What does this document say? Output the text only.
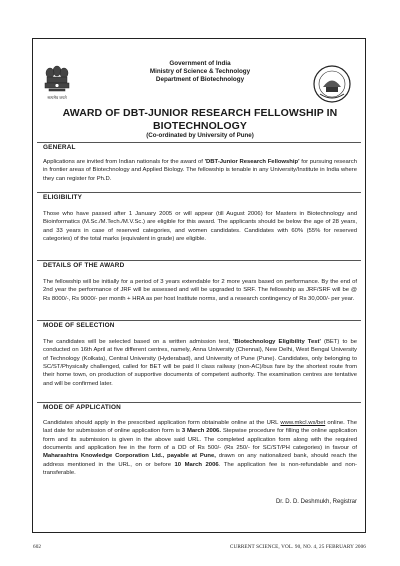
सत्यमेव जयते
Government of India
Ministry of Science & Technology
Department of Biotechnology
AWARD OF DBT-JUNIOR RESEARCH FELLOWSHIP IN
BIOTECHNOLOGY
(Co-ordinated by University of Pune)
GENERAL
Applications are invited from Indian nationals for the award of 'DBT-Junior Research Fellowship' for pursuing research in frontier areas of Biotechnology and Applied Biology. The fellowship is tenable in any University/Institute in India where they can register for Ph.D.
ELIGIBILITY
Those who have passed after 1 January 2005 or will appear (till August 2006) for Masters in Biotechnology and Bioinformatics (M.Sc./M.Tech./M.V.Sc.) are eligible for this award. The applicants should be below the age of 28 years, and 33 years in case of reserved categories, and women candidates. Candidates with 60% (55% for reserved categories) of the total marks (equivalent in grade) are eligible.
DETAILS OF THE AWARD
The fellowship will be initially for a period of 3 years extendable for 2 more years based on performance. By the end of 2nd year the performance of JRF will be assessed and will be upgraded to SRF. The fellowship as JRF/SRF will be @ Rs 8000/-, Rs 9000/- per month + HRA as per host Institute norms, and a research contingency of Rs 30,000/- per year.
MODE OF SELECTION
The candidates will be selected based on a written admission test, 'Biotechnology Eligibility Test' (BET) to be conducted on 16th April at five different centres, namely, Anna University (Chennai), New Delhi, West Bengal University of Technology (Kolkata), Central University (Hyderabad), and University of Pune (Pune). Candidates, only belonging to SC/ST/Physically challenged, called for BET will be paid II class railway (non-AC)/bus fare by the shortest route from their home town, on production of supportive documents of competent authority. The examination centres are tentative and will be confirmed later.
MODE OF APPLICATION
Candidates should apply in the prescribed application form obtainable online at the URL www.mkcl.ws/bet online. The last date for submission of online application form is 3 March 2006. Stepwise procedure for filling the online application form and its submission is given in the above said URL. The completed application form along with the required documents and application fee in the form of a DD of Rs 500/- (Rs 250/- for SC/ST/PH categories) in favour of Maharashtra Knowledge Corporation Ltd., payable at Pune, drawn on any nationalized bank, should reach the address mentioned in the URL, on or before 10 March 2006. The application fee is non-refundable and non-transferable.
Dr. D. D. Deshmukh, Registrar
602	CURRENT SCIENCE, VOL. 90, NO. 4, 25 FEBRUARY 2006
